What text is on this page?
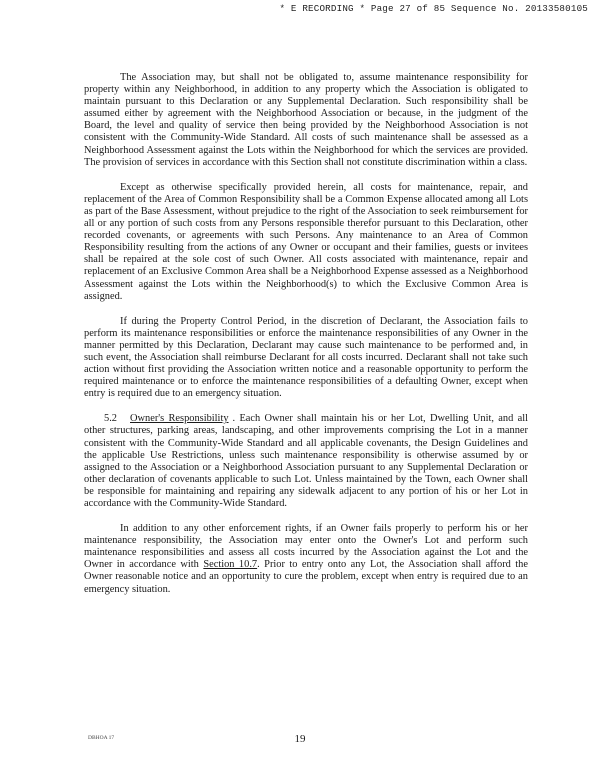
* E RECORDING * Page 27 of 85 Sequence No. 20133580105

The Association may, but shall not be obligated to, assume maintenance responsibility for property within any Neighborhood, in addition to any property which the Association is obligated to maintain pursuant to this Declaration or any Supplemental Declaration. Such responsibility shall be assumed either by agreement with the Neighborhood Association or because, in the judgment of the Board, the level and quality of service then being provided by the Neighborhood Association is not consistent with the Community-Wide Standard. All costs of such maintenance shall be assessed as a Neighborhood Assessment against the Lots within the Neighborhood for which the services are provided. The provision of services in accordance with this Section shall not constitute discrimination within a class.

Except as otherwise specifically provided herein, all costs for maintenance, repair, and replacement of the Area of Common Responsibility shall be a Common Expense allocated among all Lots as part of the Base Assessment, without prejudice to the right of the Association to seek reimbursement for all or any portion of such costs from any Persons responsible therefor pursuant to this Declaration, other recorded covenants, or agreements with such Persons. Any maintenance to an Area of Common Responsibility resulting from the actions of any Owner or occupant and their families, guests or invitees shall be repaired at the sole cost of such Owner. All costs associated with maintenance, repair and replacement of an Exclusive Common Area shall be a Neighborhood Expense assessed as a Neighborhood Assessment against the Lots within the Neighborhood(s) to which the Exclusive Common Area is assigned.

If during the Property Control Period, in the discretion of Declarant, the Association fails to perform its maintenance responsibilities or enforce the maintenance responsibilities of any Owner in the manner permitted by this Declaration, Declarant may cause such maintenance to be performed and, in such event, the Association shall reimburse Declarant for all costs incurred. Declarant shall not take such action without first providing the Association written notice and a reasonable opportunity to perform the required maintenance or to enforce the maintenance responsibilities of a defaulting Owner, except when entry is required due to an emergency situation.

5.2 Owner's Responsibility . Each Owner shall maintain his or her Lot, Dwelling Unit, and all other structures, parking areas, landscaping, and other improvements comprising the Lot in a manner consistent with the Community-Wide Standard and all applicable covenants, the Design Guidelines and the applicable Use Restrictions, unless such maintenance responsibility is otherwise assumed by or assigned to the Association or a Neighborhood Association pursuant to any Supplemental Declaration or other declaration of covenants applicable to such Lot. Unless maintained by the Town, each Owner shall be responsible for maintaining and repairing any sidewalk adjacent to any portion of his or her Lot in accordance with the Community-Wide Standard.

In addition to any other enforcement rights, if an Owner fails properly to perform his or her maintenance responsibility, the Association may enter onto the Owner's Lot and perform such maintenance responsibilities and assess all costs incurred by the Association against the Lot and the Owner in accordance with Section 10.7. Prior to entry onto any Lot, the Association shall afford the Owner reasonable notice and an opportunity to cure the problem, except when entry is required due to an emergency situation.

DBHOA 17	19
